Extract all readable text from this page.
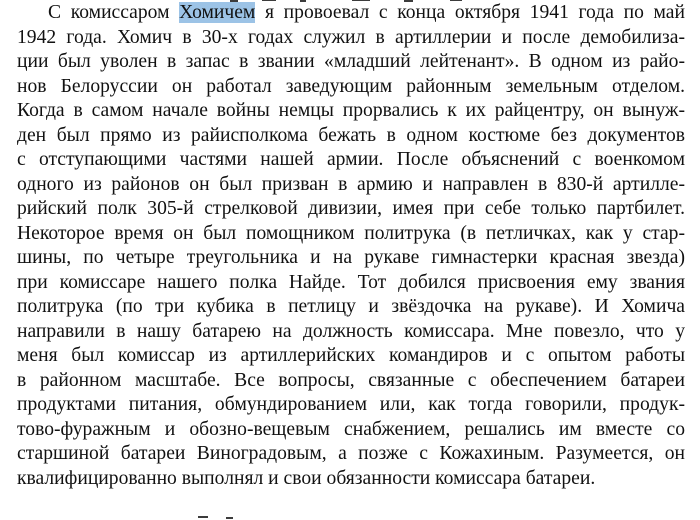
С комиссаром Хомичем я провоевал с конца октября 1941 года по май
1942 года. Хомич в 30-х годах служил в артиллерии и после демобилиза-
ции был уволен в запас в звании «младший лейтенант». В одном из райо-
нов Белоруссии он работал заведующим районным земельным отделом.
Когда в самом начале войны немцы прорвались к их райцентру, он вынуж-
ден был прямо из райисполкома бежать в одном костюме без документов
с отступающими частями нашей армии. После объяснений с военкомом
одного из районов он был призван в армию и направлен в 830-й артилле-
рийский полк 305-й стрелковой дивизии, имея при себе только партбилет.
Некоторое время он был помощником политрука (в петличках, как у стар-
шины, по четыре треугольника и на рукаве гимнастерки красная звезда)
при комиссаре нашего полка Найде. Тот добился присвоения ему звания
политрука (по три кубика в петлицу и звёздочка на рукаве). И Хомича
направили в нашу батарею на должность комиссара. Мне повезло, что у
меня был комиссар из артиллерийских командиров и с опытом работы
в районном масштабе. Все вопросы, связанные с обеспечением батареи
продуктами питания, обмундированием или, как тогда говорили, продук-
тово-фуражным и обозно-вещевым снабжением, решались им вместе со
старшиной батареи Виноградовым, а позже с Кожахиным. Разумеется, он
квалифицированно выполнял и свои обязанности комиссара батареи.
